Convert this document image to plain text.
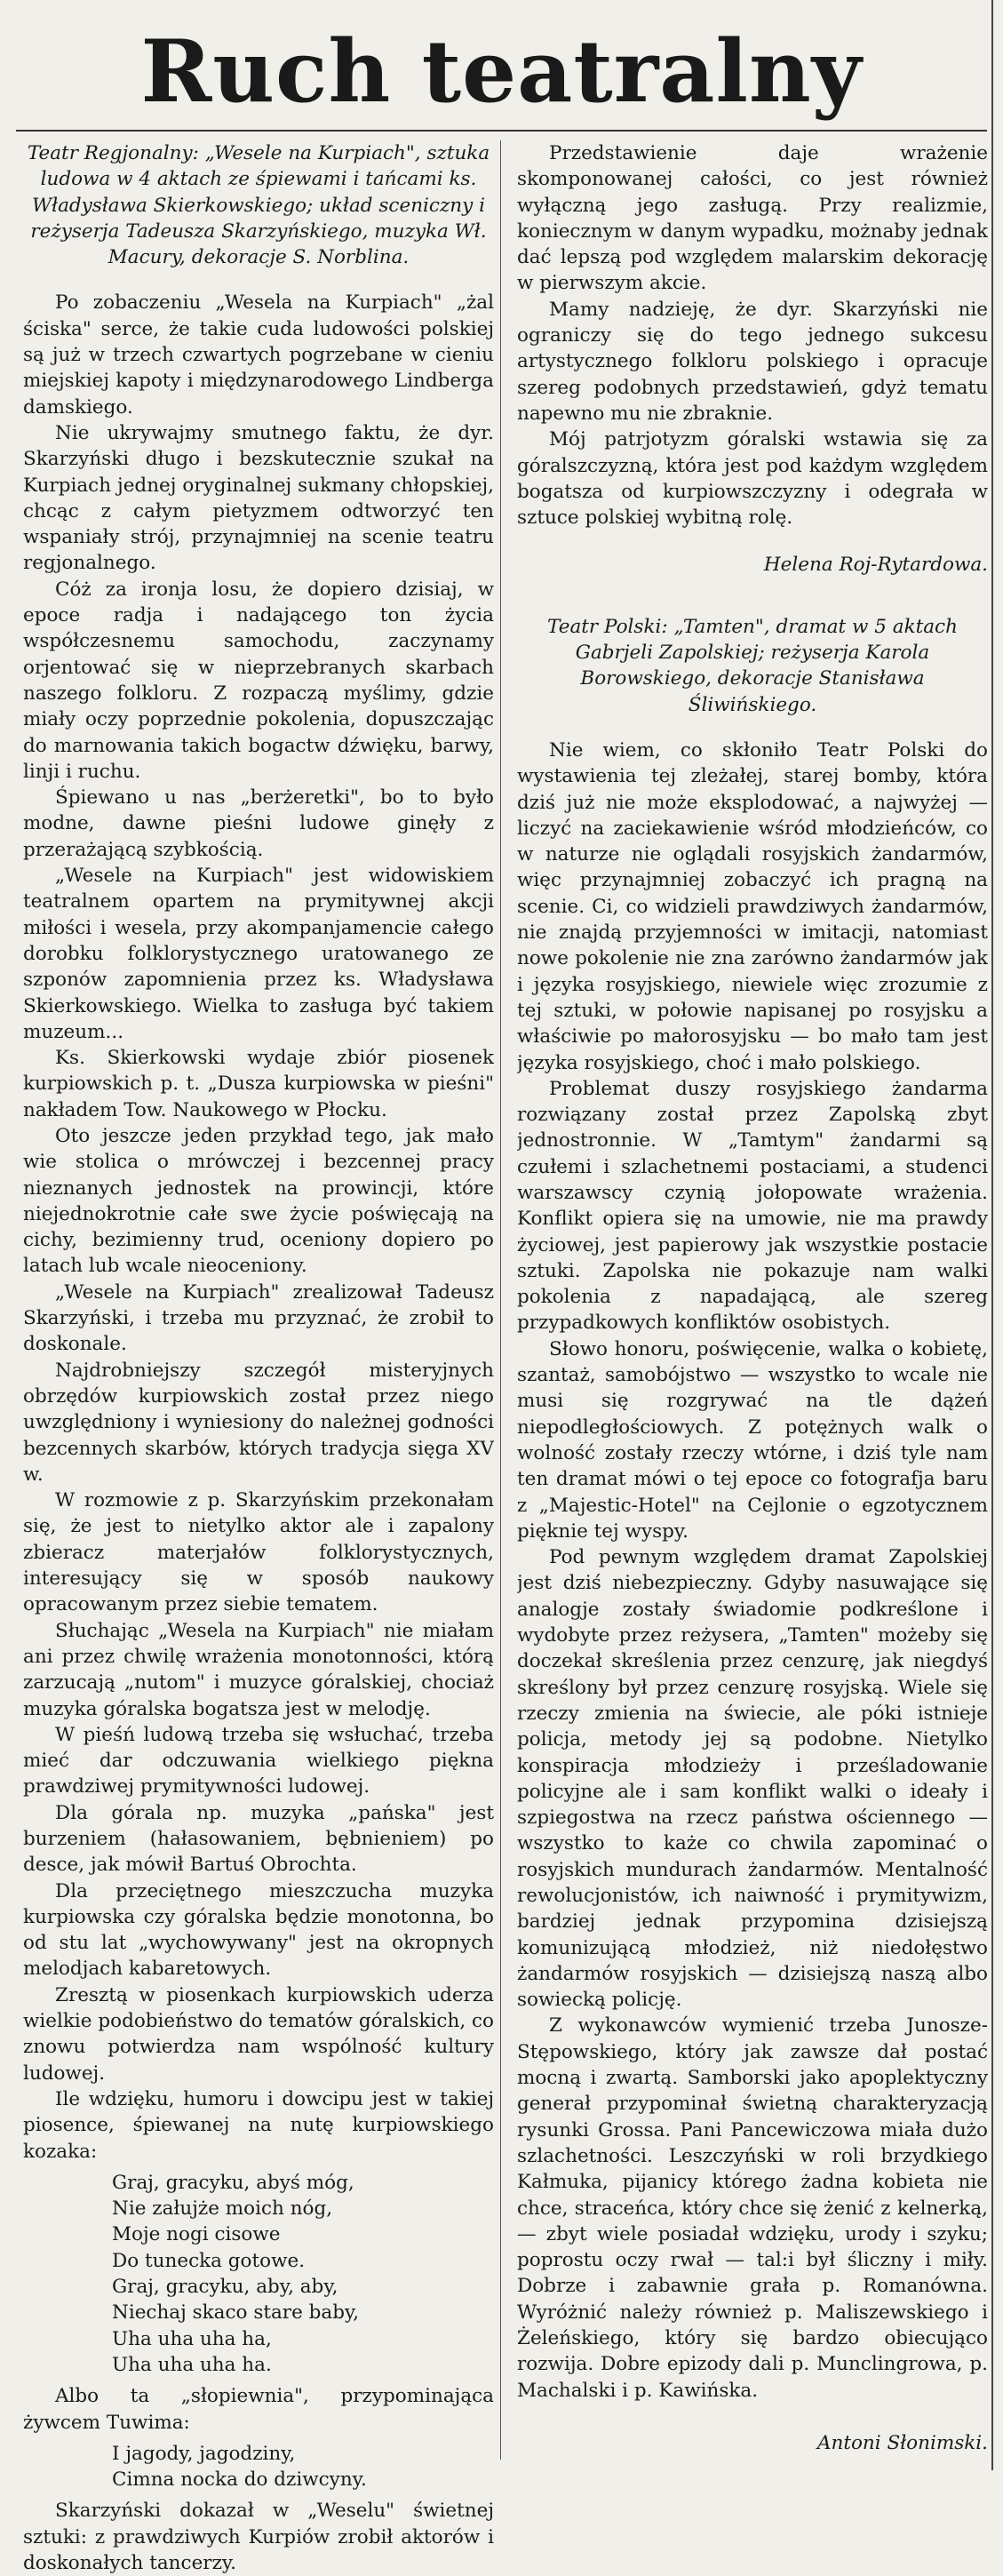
Ruch teatralny

Teatr Regjonalny: „Wesele na Kurpiach", sztuka ludowa w 4 aktach ze śpiewami i tańcami ks. Władysława Skierkowskiego; układ sceniczny i reżyserja Tadeusza Skarzyńskiego, muzyka Wł. Macury, dekoracje S. Norblina.

Po zobaczeniu „Wesela na Kurpiach" „żal ściska" serce, że takie cuda ludowości polskiej są już w trzech czwartych pogrzebane w cieniu miejskiej kapoty i międzynarodowego Lindberga damskiego.

Nie ukrywajmy smutnego faktu, że dyr. Skarzyński długo i bezskutecznie szukał na Kurpiach jednej oryginalnej sukmany chłopskiej, chcąc z całym pietyzmem odtworzyć ten wspaniały strój, przynajmniej na scenie teatru regjonalnego.

Cóż za ironja losu, że dopiero dzisiaj, w epoce radja i nadającego ton życia współczesnemu samochodu, zaczynamy orjentować się w nieprzebranych skarbach naszego folkloru. Z rozpaczą myślimy, gdzie miały oczy poprzednie pokolenia, dopuszczając do marnowania takich bogactw dźwięku, barwy, linji i ruchu.

Śpiewano u nas „berżeretki", bo to było modne, dawne pieśni ludowe ginęły z przerażającą szybkością.

„Wesele na Kurpiach" jest widowiskiem teatralnem opartem na prymitywnej akcji miłości i wesela, przy akompanjamencie całego dorobku folklorystycznego uratowanego ze szponów zapomnienia przez ks. Władysława Skierkowskiego. Wielka to zasługa być takiem muzeum...

Ks. Skierkowski wydaje zbiór piosenek kurpiowskich p. t. „Dusza kurpiowska w pieśni" nakładem Tow. Naukowego w Płocku.

Oto jeszcze jeden przykład tego, jak mało wie stolica o mrówczej i bezcennej pracy nieznanych jednostek na prowincji, które niejednokrotnie całe swe życie poświęcają na cichy, bezimienny trud, oceniony dopiero po latach lub wcale nieoceniony.

„Wesele na Kurpiach" zrealizował Tadeusz Skarzyński, i trzeba mu przyznać, że zrobił to doskonale.

Najdrobniejszy szczegół misteryjnych obrzędów kurpiowskich został przez niego uwzględniony i wyniesiony do należnej godności bezcennych skarbów, których tradycja sięga XV w.

W rozmowie z p. Skarzyńskim przekonałam się, że jest to nietylko aktor ale i zapalony zbieracz materjałów folklorystycznych, interesujący się w sposób naukowy opracowanym przez siebie tematem.

Słuchając „Wesela na Kurpiach" nie miałam ani przez chwilę wrażenia monotonności, którą zarzucają „nutom" i muzyce góralskiej, chociaż muzyka góralska bogatsza jest w melodję.

W pieśń ludową trzeba się wsłuchać, trzeba mieć dar odczuwania wielkiego piękna prawdziwej prymitywności ludowej.

Dla górala np. muzyka „pańska" jest burzeniem (hałasowaniem, bębnieniem) po desce, jak mówił Bartuś Obrochta.

Dla przeciętnego mieszczucha muzyka kurpiowska czy góralska będzie monotonna, bo od stu lat „wychowywany" jest na okropnych melodjach kabaretowych.

Zresztą w piosenkach kurpiowskich uderza wielkie podobieństwo do tematów góralskich, co znowu potwierdza nam wspólność kultury ludowej.

Ile wdzięku, humoru i dowcipu jest w takiej piosence, śpiewanej na nutę kurpiowskiego kozaka:

Graj, gracyku, abyś mόg,
Nie załujże moich nόg,
Moje nogi cisowe
Do tunecka gotowe.
Graj, gracyku, aby, aby,
Niechaj skaco stare baby,
Uha uha uha ha,
Uha uha uha ha.

Albo ta „słopiewnia", przypominająca żywcem Tuwima:

I jagody, jagodziny,
Cimna nocka do dziwcyny.

Skarzyński dokazał w „Weselu" świetnej sztuki: z prawdziwych Kurpiów zrobił aktorów i doskonałych tancerzy.

Przedstawienie daje wrażenie skomponowanej całości, co jest również wyłączną jego zasługą. Przy realizmie, koniecznym w danym wypadku, możnaby jednak dać lepszą pod względem malarskim dekorację w pierwszym akcie.

Mamy nadzieję, że dyr. Skarzyński nie ograniczy się do tego jednego sukcesu artystycznego folkloru polskiego i opracuje szereg podobnych przedstawień, gdyż tematu napewno mu nie zbraknie.

Mój patrjotyzm góralski wstawia się za góralszczyzną, która jest pod każdym względem bogatsza od kurpiowszczyzny i odegrała w sztuce polskiej wybitną rolę.

Helena Roj-Rytardowa.

Teatr Polski: „Tamten", dramat w 5 aktach Gabrjeli Zapolskiej; reżyserja Karola Borowskiego, dekoracje Stanisława Śliwińskiego.

Nie wiem, co skłoniło Teatr Polski do wystawienia tej zleżałej, starej bomby, która dziś już nie może eksplodować, a najwyżej — liczyć na zaciekawienie wśród młodzieńców, co w naturze nie oglądali rosyjskich żandarmów, więc przynajmniej zobaczyć ich pragną na scenie. Ci, co widzieli prawdziwych żandarmów, nie znajdą przyjemności w imitacji, natomiast nowe pokolenie nie zna zarówno żandarmów jak i języka rosyjskiego, niewiele więc zrozumie z tej sztuki, w połowie napisanej po rosyjsku a właściwie po małorosyjsku — bo mało tam jest języka rosyjskiego, choć i mało polskiego.

Problemat duszy rosyjskiego żandarma rozwiązany został przez Zapolską zbyt jednostronnie. W „Tamtym" żandarmi są czułemi i szlachetnemi postaciami, a studenci warszawscy czynią jołopowate wrażenia. Konflikt opiera się na umowie, nie ma prawdy życiowej, jest papierowy jak wszystkie postacie sztuki. Zapolska nie pokazuje nam walki pokolenia z napadającą, ale szereg przypadkowych konfliktów osobistych.

Słowo honoru, poświęcenie, walka o kobietę, szantaż, samobójstwo — wszystko to wcale nie musi się rozgrywać na tle dążeń niepodległościowych. Z potężnych walk o wolność zostały rzeczy wtórne, i dziś tyle nam ten dramat mówi o tej epoce co fotografja baru z „Majestic-Hotel" na Cejlonie o egzotycznem pięknie tej wyspy.

Pod pewnym względem dramat Zapolskiej jest dziś niebezpieczny. Gdyby nasuwające się analogje zostały świadomie podkreślone i wydobyte przez reżysera, „Tamten" możeby się doczekał skreślenia przez cenzurę, jak niegdyś skreślony był przez cenzurę rosyjską. Wiele się rzeczy zmienia na świecie, ale póki istnieje policja, metody jej są podobne. Nietylko konspiracja młodzieży i prześladowanie policyjne ale i sam konflikt walki o ideały i szpiegostwa na rzecz państwa ościennego — wszystko to każe co chwila zapominać o rosyjskich mundurach żandarmów. Mentalność rewolucjonistów, ich naiwność i prymitywizm, bardziej jednak przypomina dzisiejszą komunizującą młodzież, niż niedołęstwo żandarmów rosyjskich — dzisiejszą naszą albo sowiecką policję.

Z wykonawców wymienić trzeba Junosze-Stępowskiego, który jak zawsze dał postać mocną i zwartą. Samborski jako apoplektyczny generał przypominał świetną charakteryzacją rysunki Grossa. Pani Pancewiczowa miała dużo szlachetności. Leszczyński w roli brzydkiego Kałmuka, pijanicy którego żadna kobieta nie chce, straceńca, który chce się żenić z kelnerką, — zbyt wiele posiadał wdzięku, urody i szyku; poprostu oczy rwał — tal:i był śliczny i miły. Dobrze i zabawnie grała p. Romanówna. Wyróżnić należy również p. Maliszewskiego i Żeleńskiego, który się bardzo obiecująco rozwija. Dobre epizody dali p. Munclingrowa, p. Machalski i p. Kawińska.

Antoni Słonimski.
